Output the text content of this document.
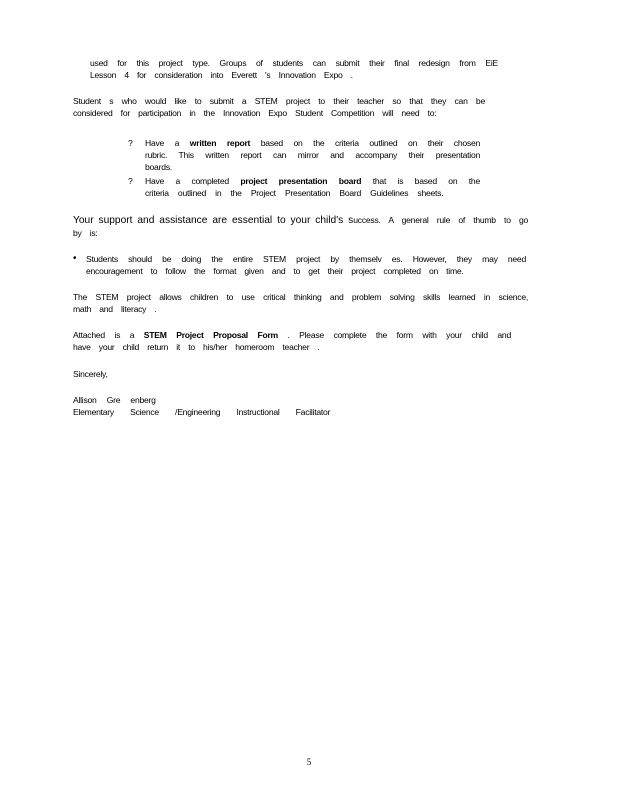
used for this project type. Groups of students can submit their final redesign from EiE
Lesson 4 for consideration into Everett 's Innovation Expo .
Student s who would like to submit a STEM project to their teacher so that they can be considered for participation in the Innovation Expo Student Competition will need to:
? Have a written report based on the criteria outlined on their chosen rubric. This written report can mirror and accompany their presentation boards.
? Have a completed project presentation board that is based on the criteria outlined in the Project Presentation Board Guidelines sheets.
Your support and assistance are essential to your child's success. A general rule of thumb to go by is:
• Students should be doing the entire STEM project by themselv es. However, they may need encouragement to follow the format given and to get their project completed on time.
The STEM project allows children to use critical thinking and problem solving skills learned in science, math and literacy .
Attached is a STEM Project Proposal Form . Please complete the form with your child and have your child return it to his/her homeroom teacher .
Sincerely,
Allison Gre enberg
Elementary Science /Engineering Instructional Facilitator
5
